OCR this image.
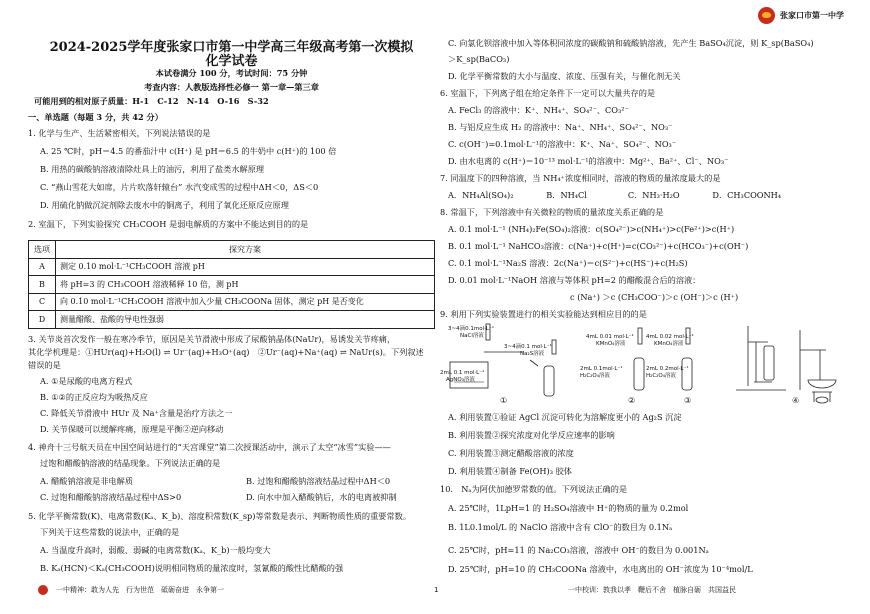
2024-2025学年度张家口市第一中学高三年级高考第一次模拟
化学试卷
本试卷满分 100 分，考试时间：75 分钟
考查内容：人教版选择性必修一 第一章—第三章
可能用到的相对原子质量：H-1　C-12　N-14　O-16　S-32
一、单选题（每题 3 分，共 42 分）
1. 化学与生产、生活紧密相关，下列说法错误的是
A. 25 ℃时，pH＝4.5 的番茄汁中 c(H⁺) 是 pH＝6.5 的牛奶中 c(H⁺)的 100 倍
B. 用热的碳酸钠溶液清除灶具上的油污，利用了盐类水解原理
C. “燕山雪花大如席，片片吹落轩辕台” 水汽变成雪的过程中ΔH＜0，ΔS＜0
D. 用硫化钠做沉淀剂除去废水中的铜离子，利用了氧化还原反应原理
2. 室温下，下列实验探究 CH₃COOH 是弱电解质的方案中不能达到目的的是
选项	探究方案
A	测定 0.10 mol·L⁻¹CH₃COOH 溶液 pH
B	将 pH=3 的 CH₃COOH 溶液稀释 10 倍，测 pH
C	向 0.10 mol·L⁻¹CH₃COOH 溶液中加入少量 CH₃COONa 固体，测定 pH 是否变化
D	测量醋酸、盐酸的导电性强弱
3. 关节炎首次发作一般在寒冷季节，原因是关节滑液中形成了尿酸钠晶体(NaUr)，易诱发关节疼痛，
其化学机理是：①HUr(aq)+H₂O(l) ⇌ Ur⁻(aq)+H₃O⁺(aq)　②Ur⁻(aq)+Na⁺(aq) ⇌ NaUr(s)。下列叙述
错误的是
A. ①是尿酸的电离方程式
B. ①②的正反应均为吸热反应
C. 降低关节滑液中 HUr 及 Na⁺含量是治疗方法之一
D. 关节保暖可以缓解疼痛，原理是平衡②逆向移动
4. 神舟十三号航天员在中国空间站进行的“天宫课堂”第二次授课活动中，演示了太空“冰雪”实验——
过饱和醋酸钠溶液的结晶现象。下列说法正确的是
A. 醋酸钠溶液是非电解质	B. 过饱和醋酸钠溶液结晶过程中ΔH＜0
C. 过饱和醋酸钠溶液结晶过程中ΔS>0	D. 向水中加入醋酸钠后，水的电离被抑制
5. 化学平衡常数(K)、电离常数(Kₐ、K_b)、溶度积常数(K_sp)等常数是表示、判断物质性质的重要常数。
下列关于这些常数的说法中，正确的是
A. 当温度升高时，弱酸、弱碱的电离常数(Kₐ、K_b)一般均变大
B. Kₐ(HCN)＜Kₐ(CH₃COOH)说明相同物质的量浓度时，氢氰酸的酸性比醋酸的强
C. 向氯化钡溶液中加入等体积同浓度的碳酸钠和硫酸钠溶液，先产生 BaSO₄沉淀，则 K_sp(BaSO₄)
＞K_sp(BaCO₃)
D. 化学平衡常数的大小与温度、浓度、压强有关，与催化剂无关
6. 室温下，下列离子组在给定条件下一定可以大量共存的是
A. FeCl₃ 的溶液中：K⁺、NH₄⁺、SO₄²⁻、CO₃²⁻
B. 与铝反应生成 H₂ 的溶液中：Na⁺、NH₄⁺、SO₄²⁻、NO₃⁻
C. c(OH⁻)=0.1mol·L⁻¹的溶液中：K⁺、Na⁺、SO₄²⁻、NO₃⁻
D. 由水电离的 c(H⁺)＝10⁻¹³ mol·L⁻¹的溶液中：Mg²⁺、Ba²⁺、Cl⁻、NO₃⁻
7. 同温度下的四种溶液，当 NH₄⁺浓度相同时，溶液的物质的量浓度最大的是
A．NH₄Al(SO₄)₂　　　　B．NH₄Cl　　　　　C．NH₃·H₂O　　　　D．CH₃COONH₄
8. 常温下，下列溶液中有关微粒的物质的量浓度关系正确的是
A. 0.1 mol·L⁻¹ (NH₄)₂Fe(SO₄)₂溶液：c(SO₄²⁻)>c(NH₄⁺)>c(Fe²⁺)>c(H⁺)
B. 0.1 mol·L⁻¹ NaHCO₃溶液：c(Na⁺)+c(H⁺)=c(CO₃²⁻)+c(HCO₃⁻)+c(OH⁻)
C. 0.1 mol·L⁻¹Na₂S 溶液：2c(Na⁺)＝c(S²⁻)+c(HS⁻)+c(H₂S)
D. 0.01 mol·L⁻¹NaOH 溶液与等体积 pH=2 的醋酸混合后的溶液：
c (Na⁺) ＞c (CH₃COO⁻)＞c (OH⁻)＞c (H⁺)
9. 利用下列实验装置进行的相关实验能达到相应目的的是
3~4滴0.1mol·L⁻¹
NaCl溶液
3~4滴0.1 mol·L⁻¹
Na₂S溶液
2mL 0.1 mol·L⁻¹
AgNO₃溶液
4mL 0.01 mol·L⁻¹
KMnO₄溶液
2mL 0.1mol·L⁻¹
H₂C₂O₄溶液
4mL 0.02 mol·L⁻¹
KMnO₄溶液
2mL 0.2mol·L⁻¹
H₂C₂O₄溶液
①	②	③	④
A. 利用装置①验证 AgCl 沉淀可转化为溶解度更小的 Ag₂S 沉淀
B. 利用装置②探究浓度对化学反应速率的影响
C. 利用装置③测定醋酸溶液的浓度
D. 利用装置④制备 Fe(OH)₃ 胶体
10.　Nₐ为阿伏加德罗常数的值。下列说法正确的是
A. 25℃时，1LpH=1 的 H₂SO₄溶液中 H⁺的物质的量为 0.2mol
B. 1L0.1mol/L 的 NaClO 溶液中含有 ClO⁻的数目为 0.1Nₐ
C. 25℃时，pH=11 的 Na₂CO₃溶液，溶液中 OH⁻的数目为 0.001Nₐ
D. 25℃时，pH=10 的 CH₃COONa 溶液中，水电离出的 OH⁻浓度为 10⁻⁴mol/L
张家口市第一中学
一中精神：敢为人先　行为世范　砥砺奋进　永争第一	1	一中校训：敦我以孝　鞭后不舍　植脉自砺　共国益民
